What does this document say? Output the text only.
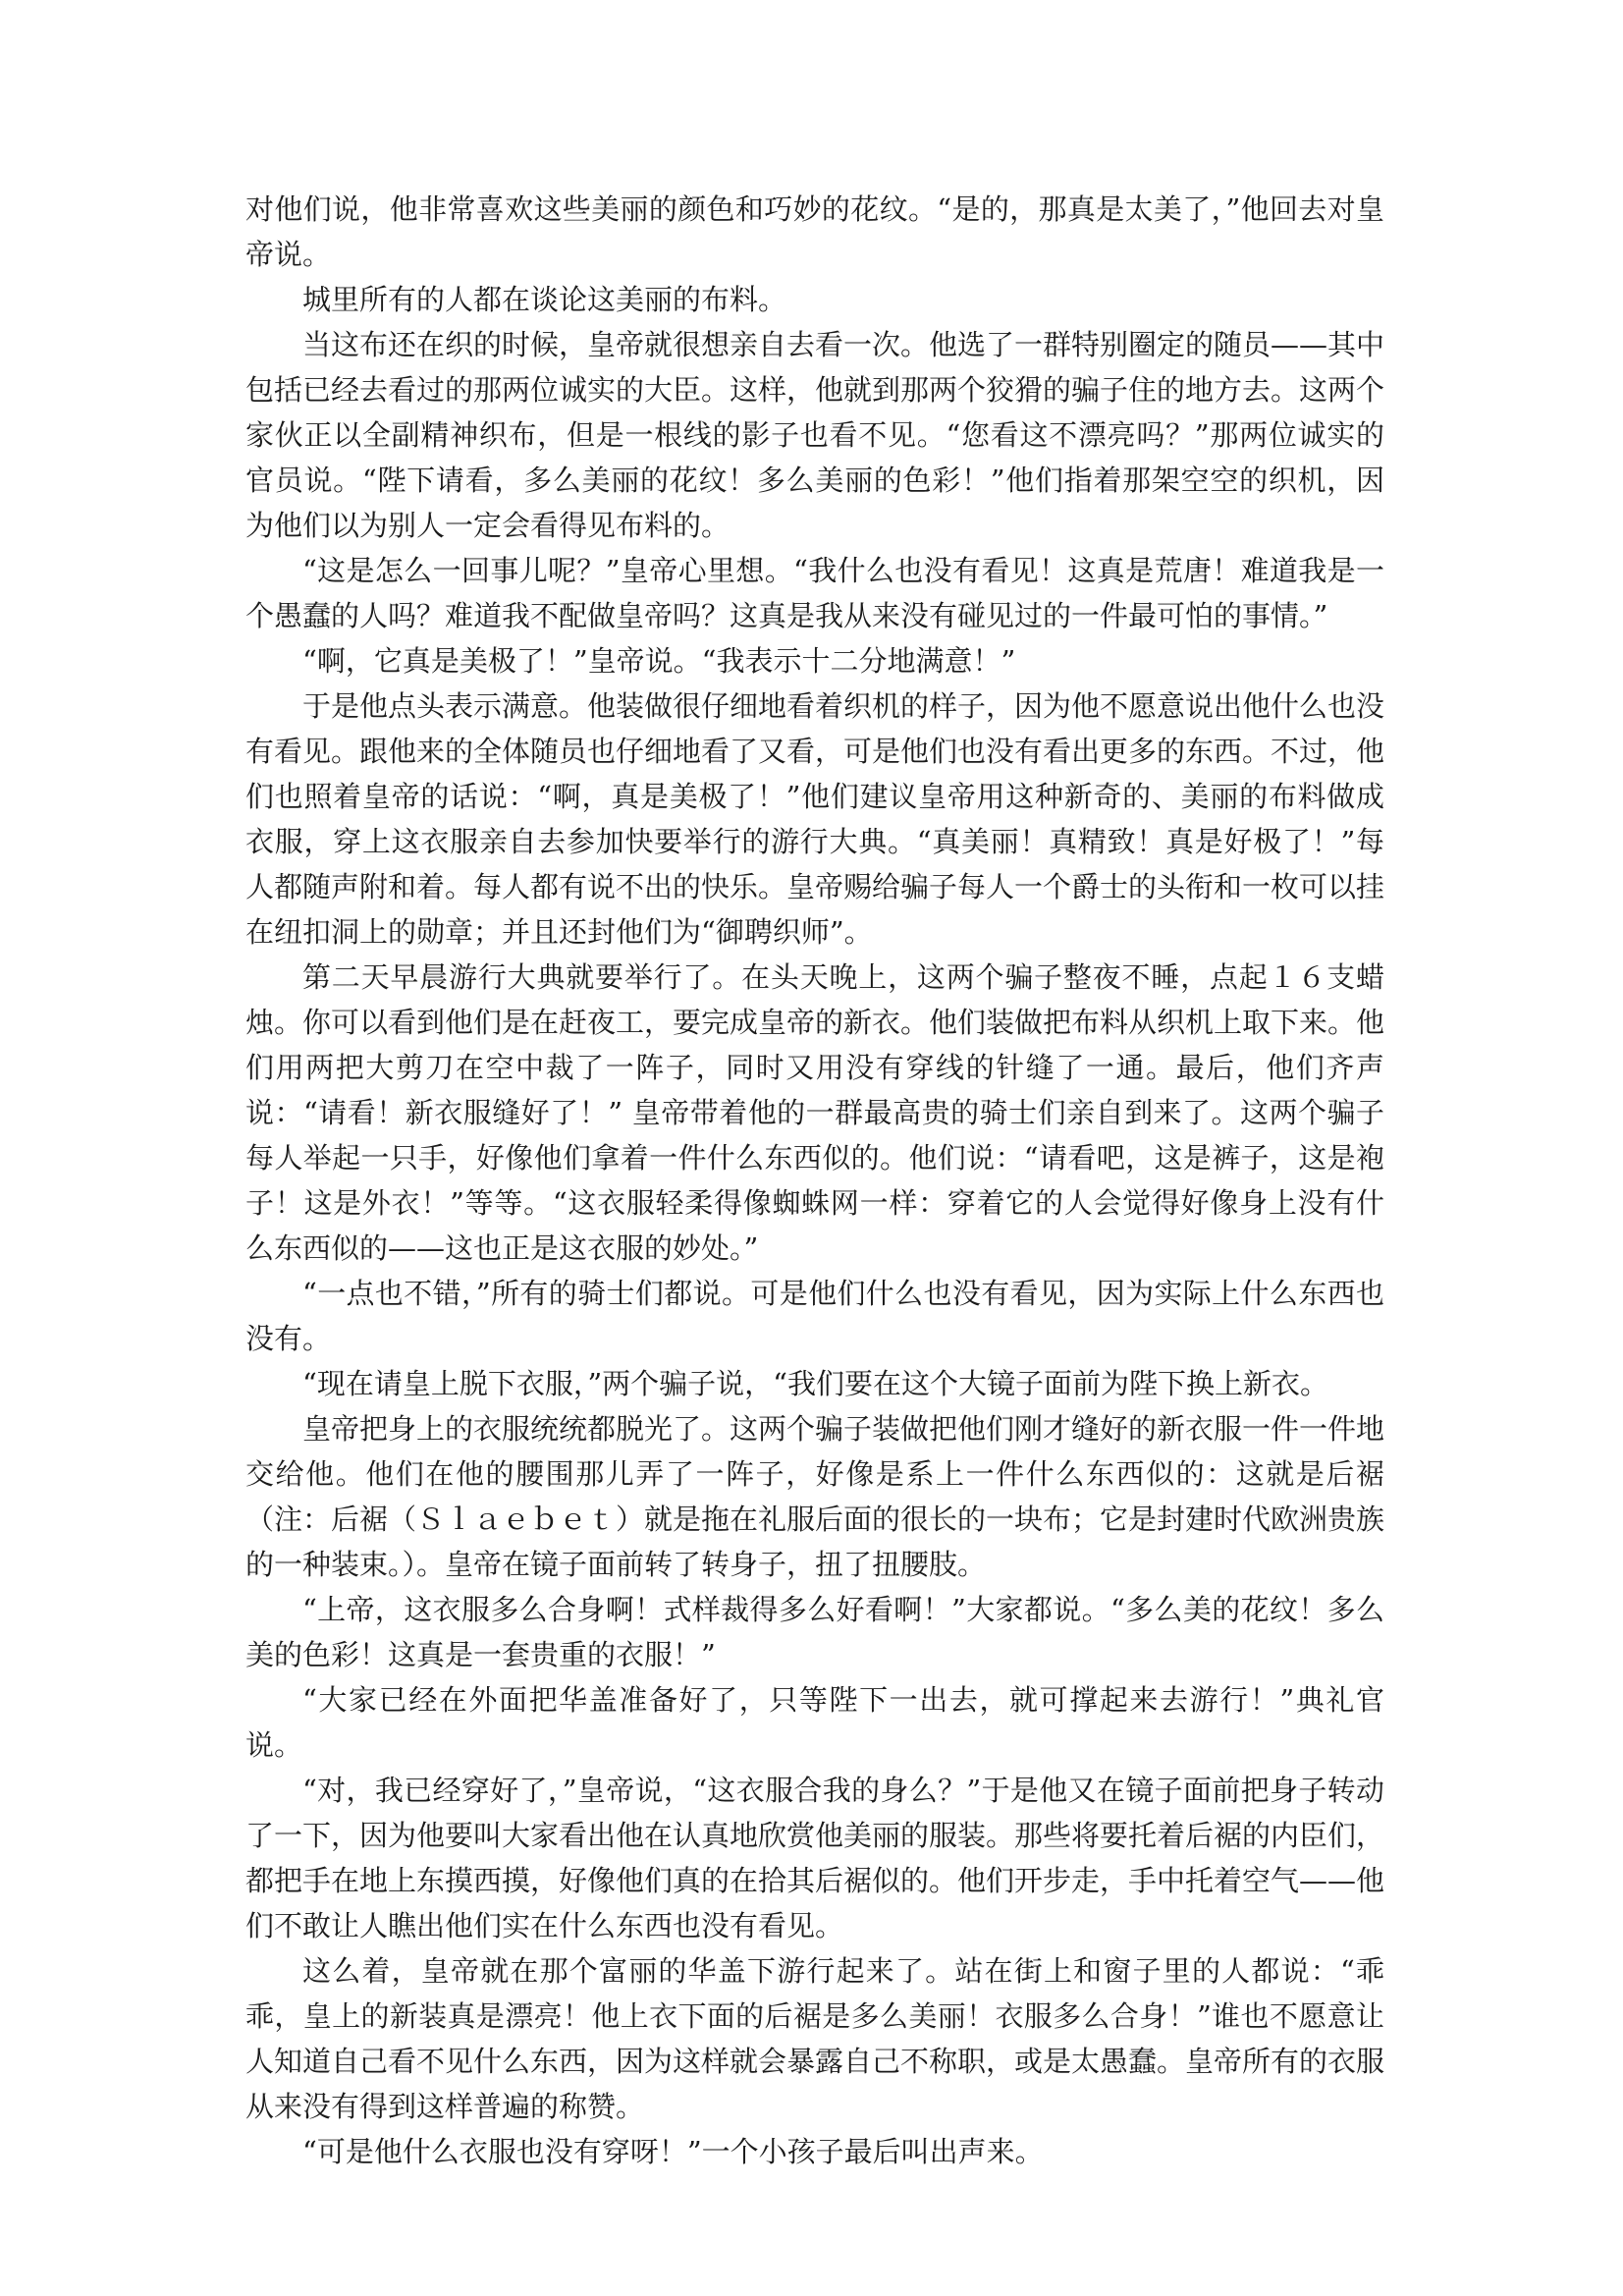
对他们说，他非常喜欢这些美丽的颜色和巧妙的花纹。“是的，那真是太美了，”他回去对皇帝说。

城里所有的人都在谈论这美丽的布料。

当这布还在织的时候，皇帝就很想亲自去看一次。他选了一群特别圈定的随员——其中包括已经去看过的那两位诚实的大臣。这样，他就到那两个狡猾的骗子住的地方去。这两个家伙正以全副精神织布，但是一根线的影子也看不见。“您看这不漂亮吗？”那两位诚实的官员说。“陛下请看，多么美丽的花纹！多么美丽的色彩！”他们指着那架空空的织机，因为他们以为别人一定会看得见布料的。

“这是怎么一回事儿呢？”皇帝心里想。“我什么也没有看见！这真是荒唐！难道我是一个愚蠢的人吗？难道我不配做皇帝吗？这真是我从来没有碰见过的一件最可怕的事情。”

“啊，它真是美极了！”皇帝说。“我表示十二分地满意！”

于是他点头表示满意。他装做很仔细地看着织机的样子，因为他不愿意说出他什么也没有看见。跟他来的全体随员也仔细地看了又看，可是他们也没有看出更多的东西。不过，他们也照着皇帝的话说：“啊，真是美极了！”他们建议皇帝用这种新奇的、美丽的布料做成衣服，穿上这衣服亲自去参加快要举行的游行大典。“真美丽！真精致！真是好极了！”每人都随声附和着。每人都有说不出的快乐。皇帝赐给骗子每人一个爵士的头衔和一枚可以挂在纽扣洞上的勋章；并且还封他们为“御聘织师”。

第二天早晨游行大典就要举行了。在头天晚上，这两个骗子整夜不睡，点起１６支蜡烛。你可以看到他们是在赶夜工，要完成皇帝的新衣。他们装做把布料从织机上取下来。他们用两把大剪刀在空中裁了一阵子，同时又用没有穿线的针缝了一通。最后，他们齐声说：“请看！新衣服缝好了！” 皇帝带着他的一群最高贵的骑士们亲自到来了。这两个骗子每人举起一只手，好像他们拿着一件什么东西似的。他们说：“请看吧，这是裤子，这是袍子！这是外衣！”等等。“这衣服轻柔得像蜘蛛网一样：穿着它的人会觉得好像身上没有什么东西似的——这也正是这衣服的妙处。”

“一点也不错，”所有的骑士们都说。可是他们什么也没有看见，因为实际上什么东西也没有。

“现在请皇上脱下衣服，”两个骗子说，“我们要在这个大镜子面前为陛下换上新衣。

皇帝把身上的衣服统统都脱光了。这两个骗子装做把他们刚才缝好的新衣服一件一件地交给他。他们在他的腰围那儿弄了一阵子，好像是系上一件什么东西似的：这就是后裾（注：后裾（Ｓｌａｅｂｅｔ）就是拖在礼服后面的很长的一块布；它是封建时代欧洲贵族的一种装束。）。皇帝在镜子面前转了转身子，扭了扭腰肢。

“上帝，这衣服多么合身啊！式样裁得多么好看啊！”大家都说。“多么美的花纹！多么美的色彩！这真是一套贵重的衣服！”

“大家已经在外面把华盖准备好了，只等陛下一出去，就可撑起来去游行！”典礼官说。

“对，我已经穿好了，”皇帝说，“这衣服合我的身么？”于是他又在镜子面前把身子转动了一下，因为他要叫大家看出他在认真地欣赏他美丽的服装。那些将要托着后裾的内臣们，都把手在地上东摸西摸，好像他们真的在拾其后裾似的。他们开步走，手中托着空气——他们不敢让人瞧出他们实在什么东西也没有看见。

这么着，皇帝就在那个富丽的华盖下游行起来了。站在街上和窗子里的人都说：“乖乖，皇上的新装真是漂亮！他上衣下面的后裾是多么美丽！衣服多么合身！”谁也不愿意让人知道自己看不见什么东西，因为这样就会暴露自己不称职，或是太愚蠢。皇帝所有的衣服从来没有得到这样普遍的称赞。

“可是他什么衣服也没有穿呀！”一个小孩子最后叫出声来。
